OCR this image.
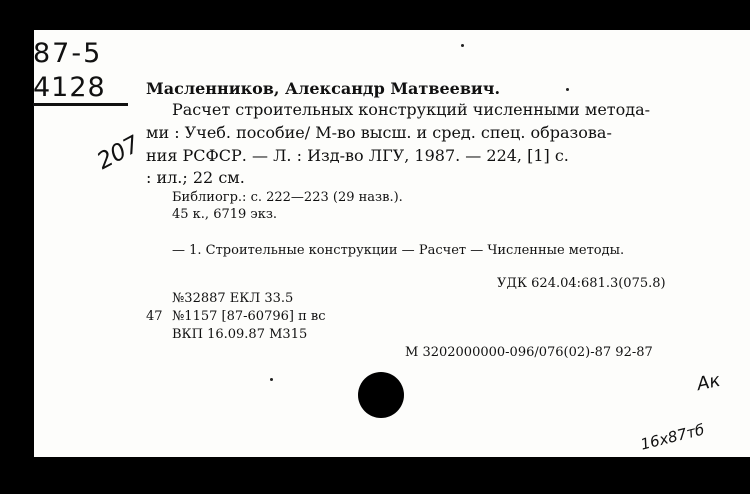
87-5
4128
207
Масленников, Александр Матвеевич.
Расчет строительных конструкций численными метода-
ми : Учеб. пособие/ М-во высш. и сред. спец. образова-
ния РСФСР. — Л. : Изд-во ЛГУ, 1987. — 224, [1] с.
: ил.; 22 см.
Библиогр.: с. 222—223 (29 назв.).
45 к., 6719 экз.
— 1. Строительные конструкции — Расчет — Численные методы.
УДК 624.04:681.3(075.8)
№32887 ЕКЛ 33.5
47 №1157 [87-60796] п вс
ВКП 16.09.87 М315
М 3202000000-096/076(02)-87 92-87
Ак
16х87тб
